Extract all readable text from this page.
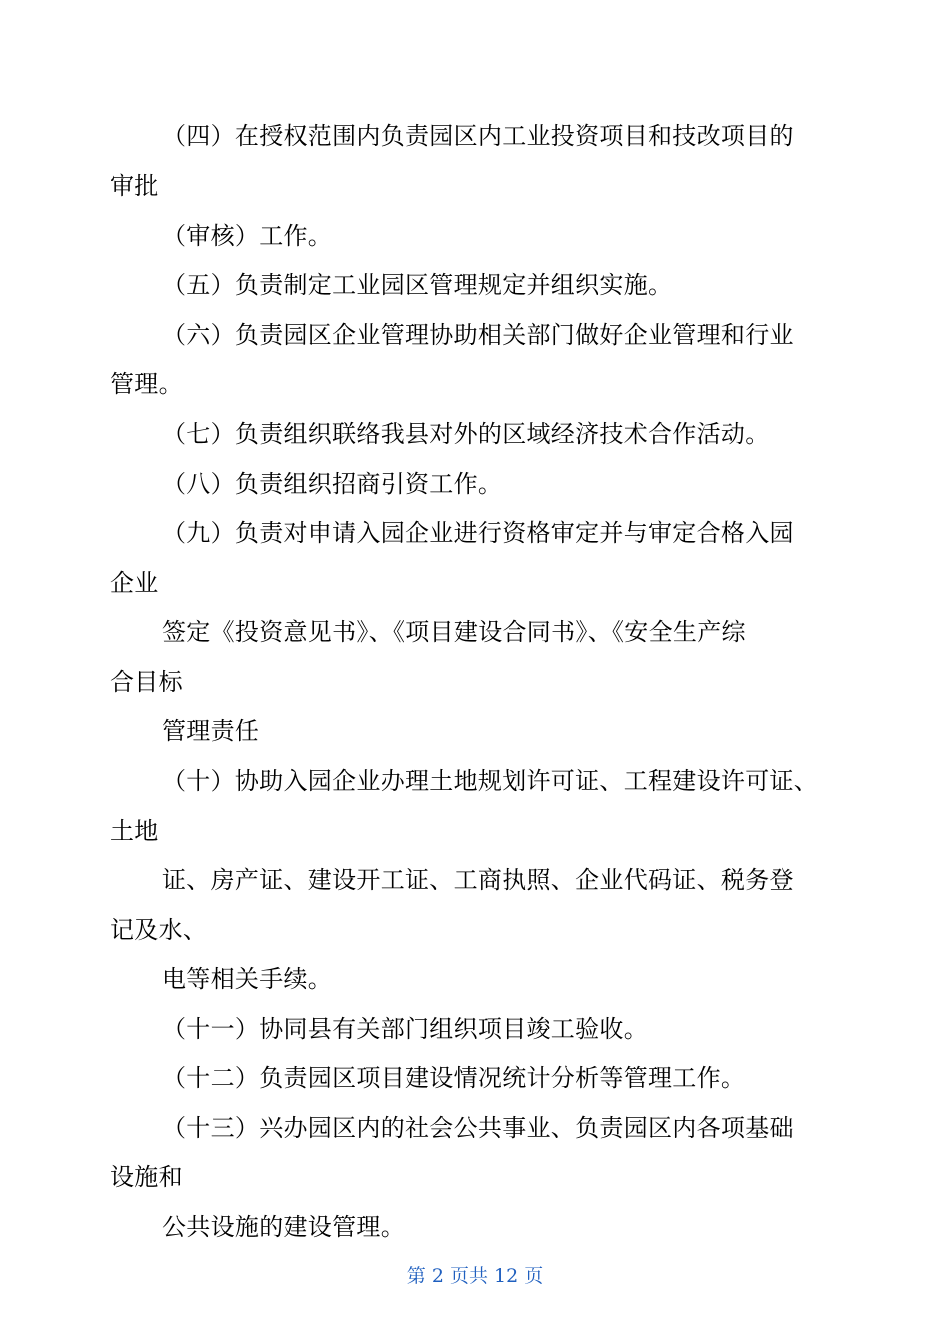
（四）在授权范围内负责园区内工业投资项目和技改项目的
审批
（审核）工作。
（五）负责制定工业园区管理规定并组织实施。
（六）负责园区企业管理协助相关部门做好企业管理和行业
管理。
（七）负责组织联络我县对外的区域经济技术合作活动。
（八）负责组织招商引资工作。
（九）负责对申请入园企业进行资格审定并与审定合格入园
企业
签定《投资意见书》、《项目建设合同书》、《安全生产综
合目标
管理责任
（十）协助入园企业办理土地规划许可证、工程建设许可证、
土地
证、房产证、建设开工证、工商执照、企业代码证、税务登
记及水、
电等相关手续。
（十一）协同县有关部门组织项目竣工验收。
（十二）负责园区项目建设情况统计分析等管理工作。
（十三）兴办园区内的社会公共事业、负责园区内各项基础
设施和
公共设施的建设管理。
第 2 页共 12 页
